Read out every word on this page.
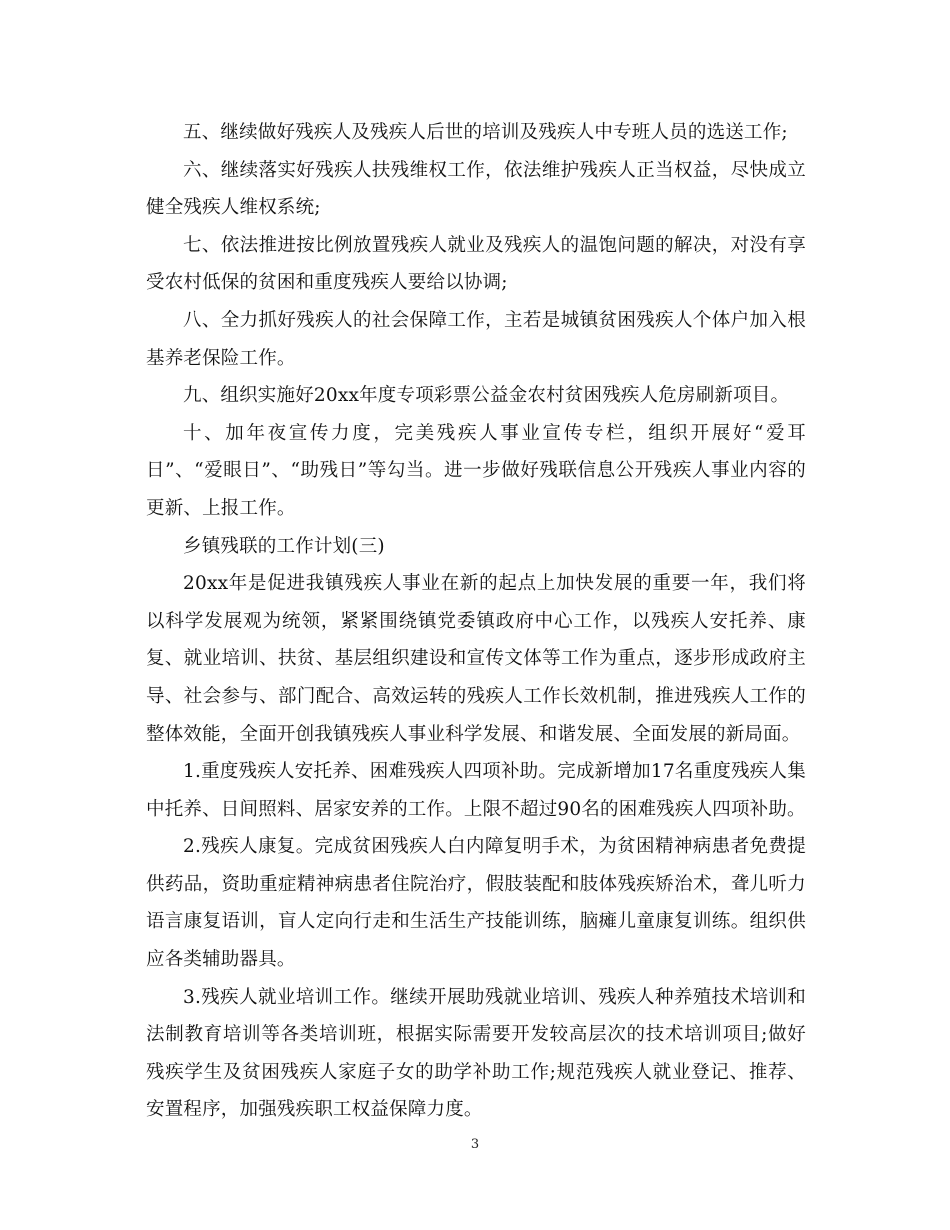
五、继续做好残疾人及残疾人后世的培训及残疾人中专班人员的选送工作;

六、继续落实好残疾人扶残维权工作，依法维护残疾人正当权益，尽快成立健全残疾人维权系统;

七、依法推进按比例放置残疾人就业及残疾人的温饱问题的解决，对没有享受农村低保的贫困和重度残疾人要给以协调;

八、全力抓好残疾人的社会保障工作，主若是城镇贫困残疾人个体户加入根基养老保险工作。

九、组织实施好20xx年度专项彩票公益金农村贫困残疾人危房刷新项目。

十、加年夜宣传力度，完美残疾人事业宣传专栏，组织开展好“爱耳日”、“爱眼日”、“助残日”等勾当。进一步做好残联信息公开残疾人事业内容的更新、上报工作。

乡镇残联的工作计划(三)

20xx年是促进我镇残疾人事业在新的起点上加快发展的重要一年，我们将以科学发展观为统领，紧紧围绕镇党委镇政府中心工作，以残疾人安托养、康复、就业培训、扶贫、基层组织建设和宣传文体等工作为重点，逐步形成政府主导、社会参与、部门配合、高效运转的残疾人工作长效机制，推进残疾人工作的整体效能，全面开创我镇残疾人事业科学发展、和谐发展、全面发展的新局面。

1.重度残疾人安托养、困难残疾人四项补助。完成新增加17名重度残疾人集中托养、日间照料、居家安养的工作。上限不超过90名的困难残疾人四项补助。

2.残疾人康复。完成贫困残疾人白内障复明手术，为贫困精神病患者免费提供药品，资助重症精神病患者住院治疗，假肢装配和肢体残疾矫治术，聋儿听力语言康复语训，盲人定向行走和生活生产技能训练，脑瘫儿童康复训练。组织供应各类辅助器具。

3.残疾人就业培训工作。继续开展助残就业培训、残疾人种养殖技术培训和法制教育培训等各类培训班，根据实际需要开发较高层次的技术培训项目;做好残疾学生及贫困残疾人家庭子女的助学补助工作;规范残疾人就业登记、推荐、安置程序，加强残疾职工权益保障力度。

3
